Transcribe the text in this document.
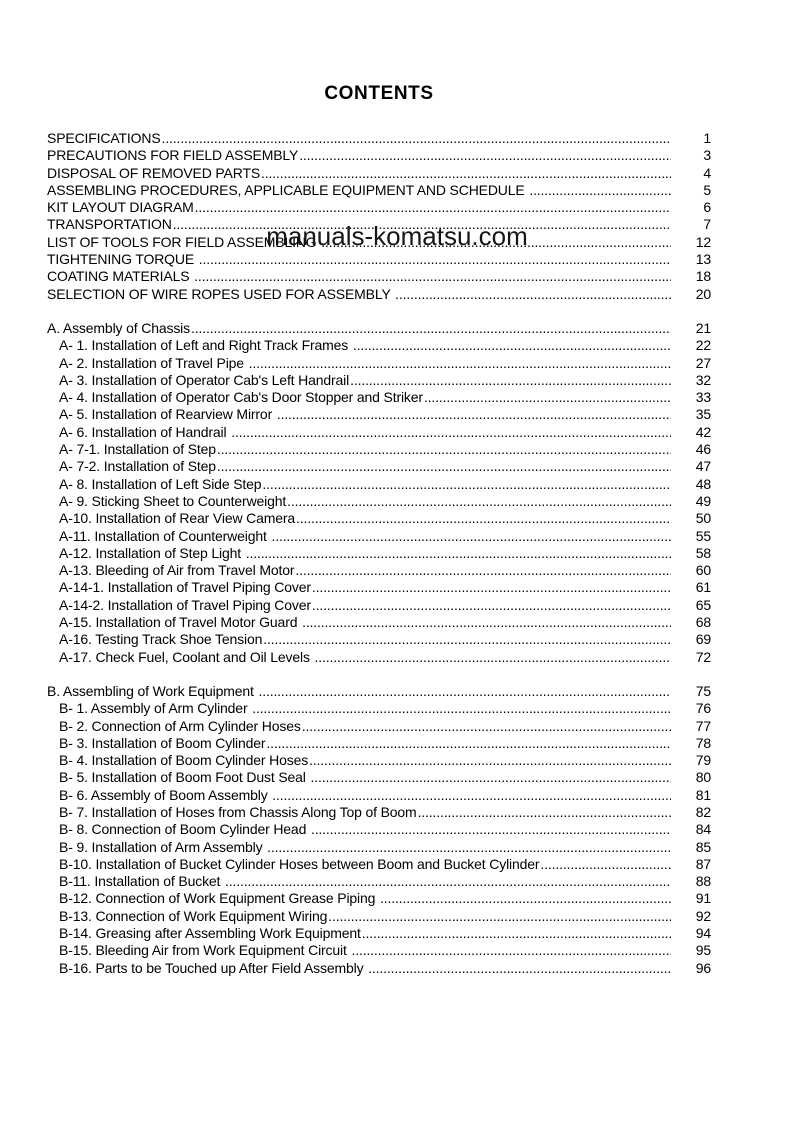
CONTENTS
SPECIFICATIONS .....	1
PRECAUTIONS FOR FIELD ASSEMBLY .....	3
DISPOSAL OF REMOVED PARTS .....	4
ASSEMBLING PROCEDURES, APPLICABLE EQUIPMENT AND SCHEDULE .....	5
KIT LAYOUT DIAGRAM .....	6
TRANSPORTATION .....	7
LIST OF TOOLS FOR FIELD ASSEMBLING .....	12
TIGHTENING TORQUE .....	13
COATING MATERIALS .....	18
SELECTION OF WIRE ROPES USED FOR ASSEMBLY .....	20
A. Assembly of Chassis .....	21
A- 1. Installation of Left and Right Track Frames .....	22
A- 2. Installation of Travel Pipe .....	27
A- 3. Installation of Operator Cab's Left Handrail .....	32
A- 4. Installation of Operator Cab's Door Stopper and Striker .....	33
A- 5. Installation of Rearview Mirror .....	35
A- 6. Installation of Handrail .....	42
A- 7-1. Installation of Step .....	46
A- 7-2. Installation of Step .....	47
A- 8. Installation of Left Side Step .....	48
A- 9. Sticking Sheet to Counterweight .....	49
A-10. Installation of Rear View Camera .....	50
A-11. Installation of Counterweight .....	55
A-12. Installation of Step Light .....	58
A-13. Bleeding of Air from Travel Motor .....	60
A-14-1. Installation of Travel Piping Cover .....	61
A-14-2. Installation of Travel Piping Cover .....	65
A-15. Installation of Travel Motor Guard .....	68
A-16. Testing Track Shoe Tension .....	69
A-17. Check Fuel, Coolant and Oil Levels .....	72
B. Assembling of Work Equipment .....	75
B- 1. Assembly of Arm Cylinder .....	76
B- 2. Connection of Arm Cylinder Hoses .....	77
B- 3. Installation of Boom Cylinder .....	78
B- 4. Installation of Boom Cylinder Hoses .....	79
B- 5. Installation of Boom Foot Dust Seal .....	80
B- 6. Assembly of Boom Assembly .....	81
B- 7. Installation of Hoses from Chassis Along Top of Boom .....	82
B- 8. Connection of Boom Cylinder Head .....	84
B- 9. Installation of Arm Assembly .....	85
B-10. Installation of Bucket Cylinder Hoses between Boom and Bucket Cylinder .....	87
B-11. Installation of Bucket .....	88
B-12. Connection of Work Equipment Grease Piping .....	91
B-13. Connection of Work Equipment Wiring .....	92
B-14. Greasing after Assembling Work Equipment .....	94
B-15. Bleeding Air from Work Equipment Circuit .....	95
B-16. Parts to be Touched up After Field Assembly .....	96
manuals-komatsu.com
